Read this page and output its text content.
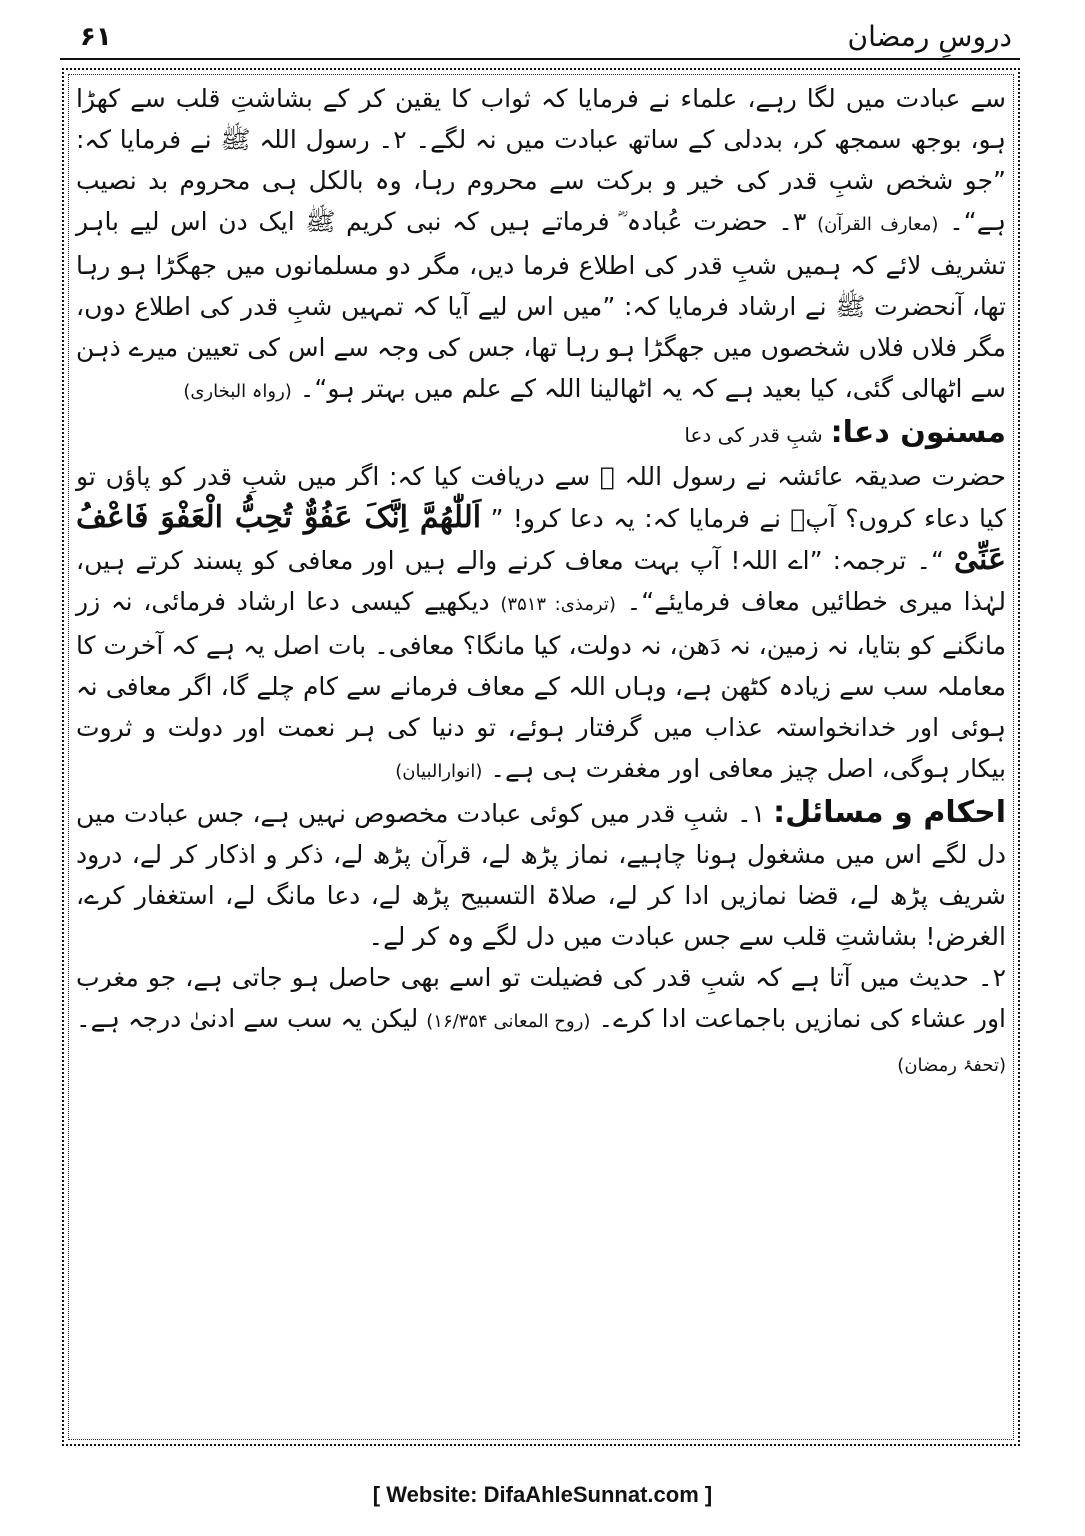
۶۱	دروسِ رمضان

سے عبادت میں لگا رہے، علماء نے فرمایا کہ ثواب کا یقین کر کے بشاشتِ قلب سے کھڑا ہو، بوجھ سمجھ کر، بددلی کے ساتھ عبادت میں نہ لگے۔ ۲۔ رسول اللہ ﷺ نے فرمایا کہ: ”جو شخص شبِ قدر کی خیر و برکت سے محروم رہا، وہ بالکل ہی محروم بد نصیب ہے“۔ (معارف القرآن) ۳۔ حضرت عُبادہ ؓ فرماتے ہیں کہ نبی کریم ﷺ ایک دن اس لیے باہر تشریف لائے کہ ہمیں شبِ قدر کی اطلاع فرما دیں، مگر دو مسلمانوں میں جھگڑا ہو رہا تھا، آنحضرت ﷺ نے ارشاد فرمایا کہ: ”میں اس لیے آیا کہ تمہیں شبِ قدر کی اطلاع دوں، مگر فلاں فلاں شخصوں میں جھگڑا ہو رہا تھا، جس کی وجہ سے اس کی تعیین میرے ذہن سے اٹھالی گئی، کیا بعید ہے کہ یہ اٹھالینا اللہ کے علم میں بہتر ہو“۔ (رواہ البخاری)

مسنون دعا: شبِ قدر کی دعا

حضرت صدیقہ عائشہ نے رسول اللہ ﷺ سے دریافت کیا کہ: اگر میں شبِ قدر کو پاؤں تو کیا دعاء کروں؟ آپؐ نے فرمایا کہ: یہ دعا کرو! ” اَللّٰھُمَّ اِنَّکَ عَفُوٌّ تُحِبُّ الْعَفْوَ فَاعْفُ عَنِّیْ “۔ ترجمہ: ”اے اللہ! آپ بہت معاف کرنے والے ہیں اور معافی کو پسند کرتے ہیں، لہٰذا میری خطائیں معاف فرمایئے“۔ (ترمذی: ۳۵۱۳) دیکھیے کیسی دعا ارشاد فرمائی، نہ زر مانگنے کو بتایا، نہ زمین، نہ دَھن، نہ دولت، کیا مانگا؟ معافی۔ بات اصل یہ ہے کہ آخرت کا معاملہ سب سے زیادہ کٹھن ہے، وہاں اللہ کے معاف فرمانے سے کام چلے گا، اگر معافی نہ ہوئی اور خدانخواستہ عذاب میں گرفتار ہوئے، تو دنیا کی ہر نعمت اور دولت و ثروت بیکار ہوگی، اصل چیز معافی اور مغفرت ہی ہے۔ (انوارالبیان)

احکام و مسائل: ۱۔ شبِ قدر میں کوئی عبادت مخصوص نہیں ہے، جس عبادت میں دل لگے اس میں مشغول ہونا چاہیے، نماز پڑھ لے، قرآن پڑھ لے، ذکر و اذکار کر لے، درود شریف پڑھ لے، قضا نمازیں ادا کر لے، صلاۃ التسبیح پڑھ لے، دعا مانگ لے، استغفار کرے، الغرض! بشاشتِ قلب سے جس عبادت میں دل لگے وہ کر لے۔

۲۔ حدیث میں آتا ہے کہ شبِ قدر کی فضیلت تو اسے بھی حاصل ہو جاتی ہے، جو مغرب اور عشاء کی نمازیں باجماعت ادا کرے۔ (روح المعانی ۱۶/۳۵۴) لیکن یہ سب سے ادنیٰ درجہ ہے۔ (تحفۂ رمضان)

[ Website: DifaAhleSunnat.com ]
